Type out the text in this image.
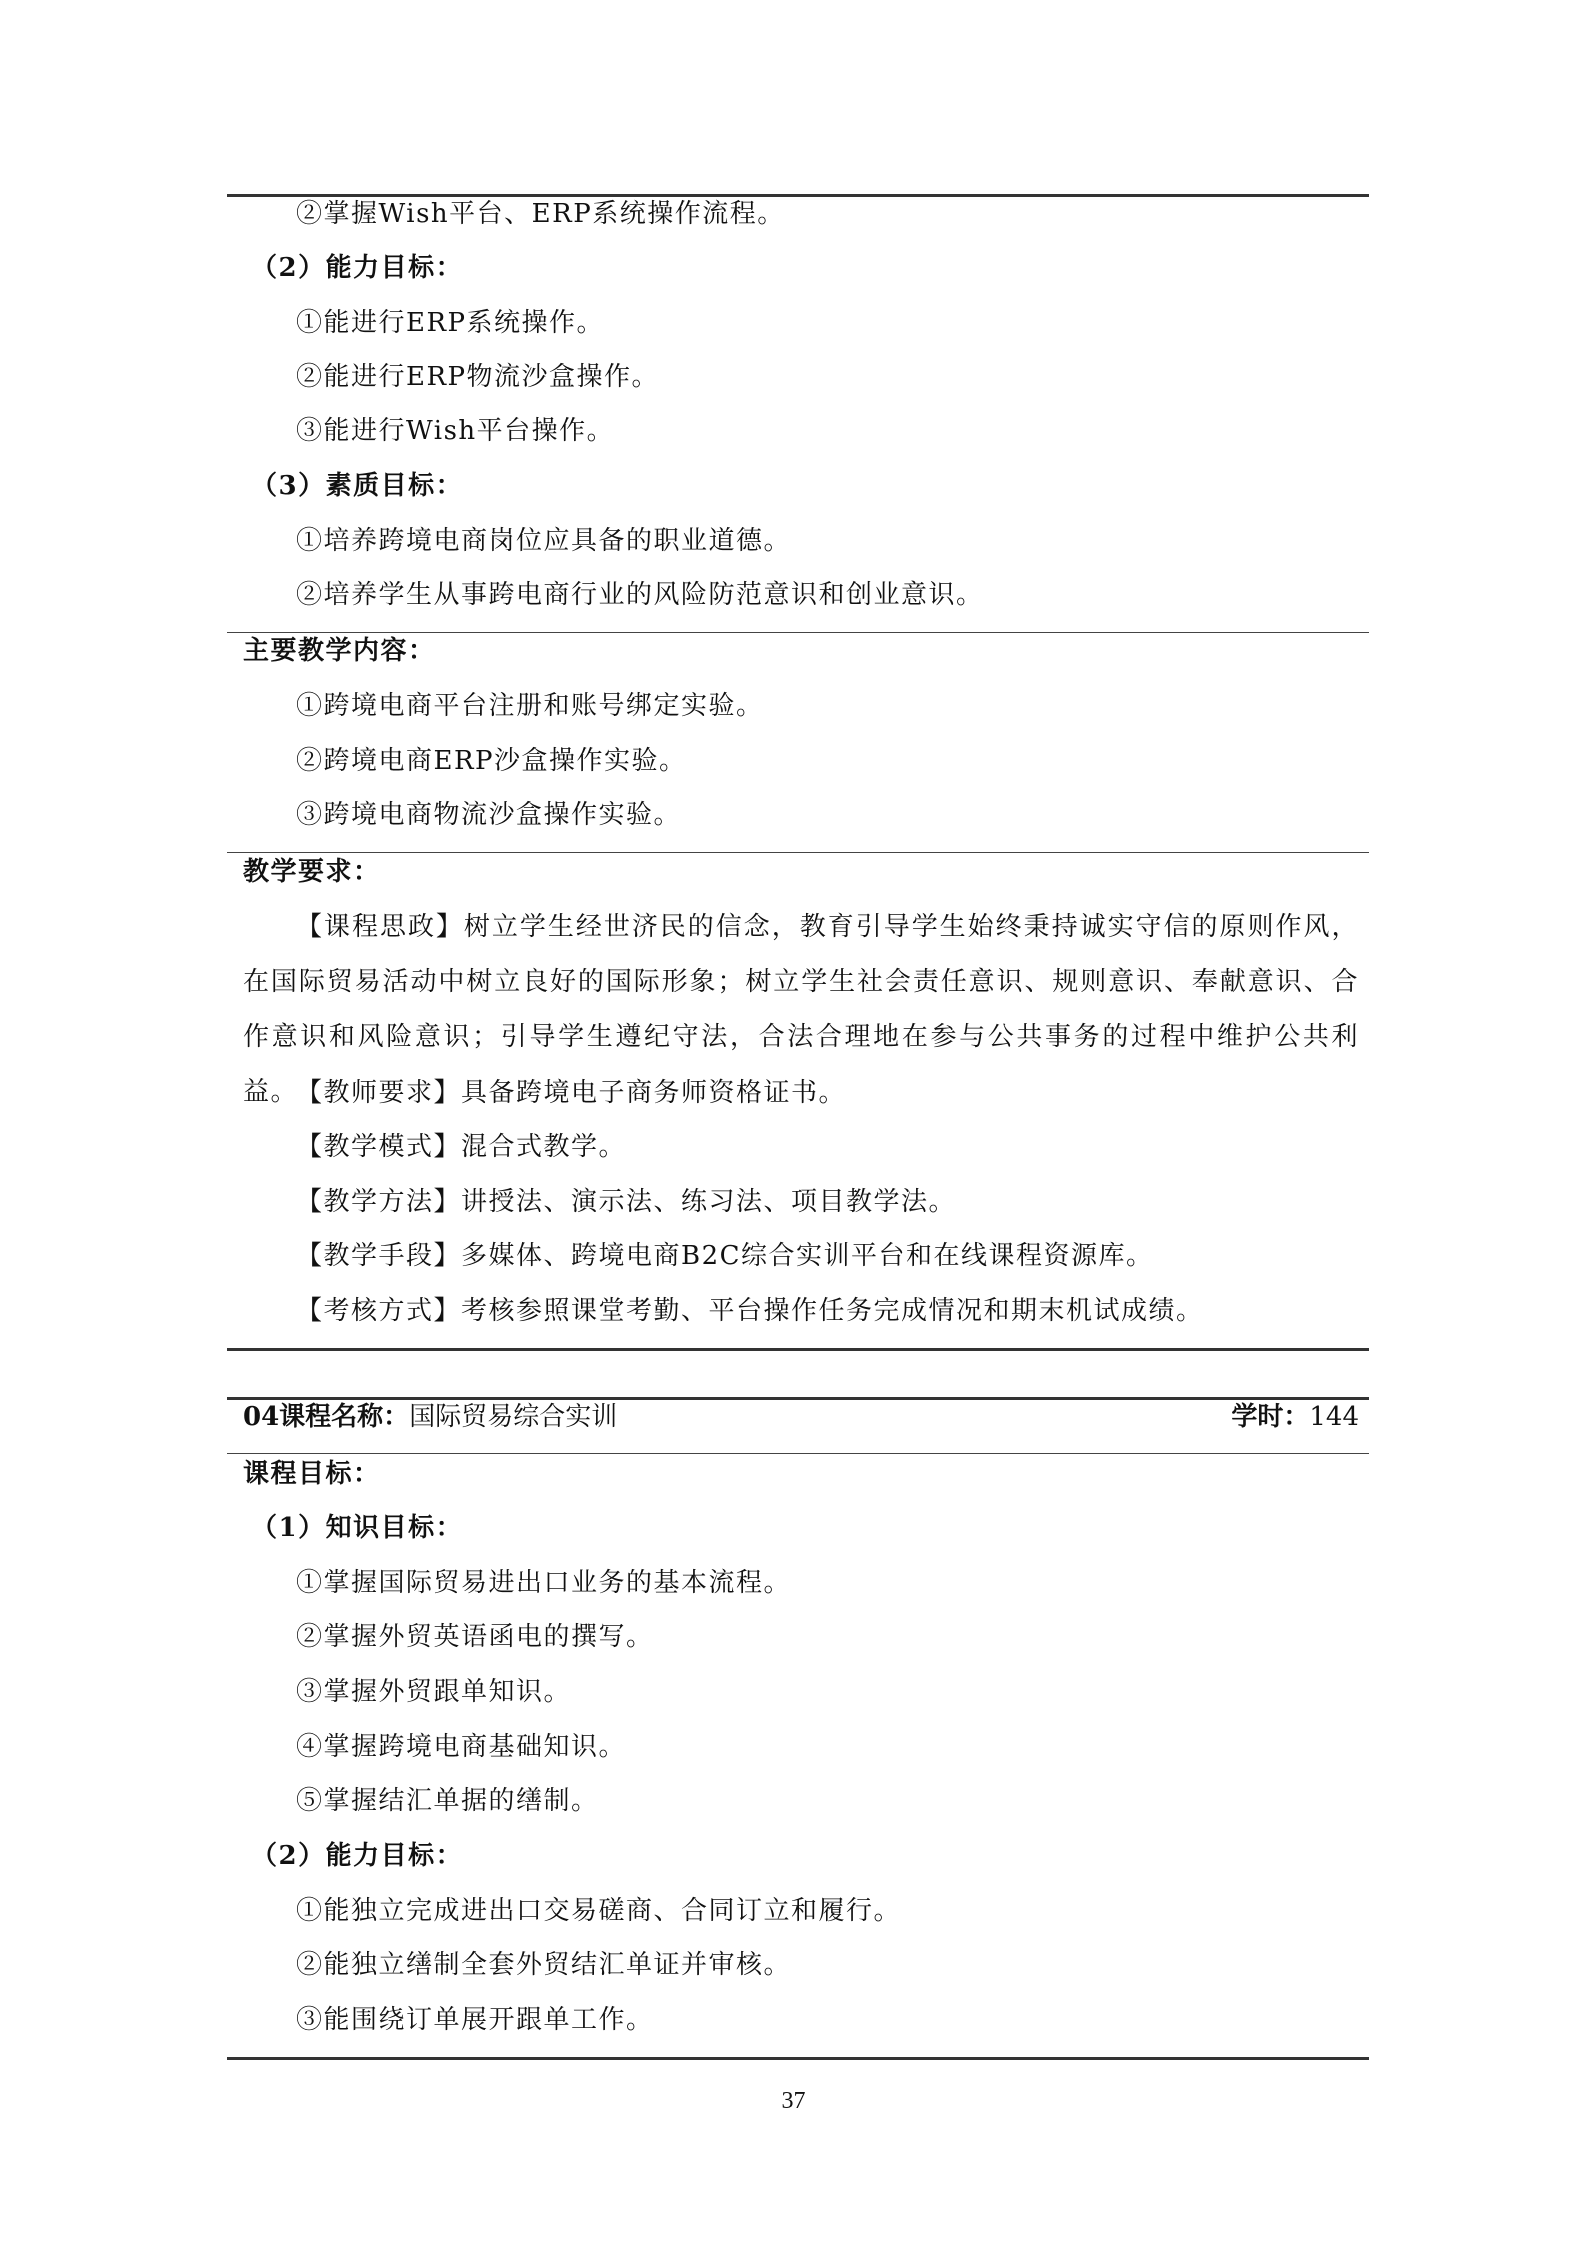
②掌握Wish平台、ERP系统操作流程。
（2）能力目标：
①能进行ERP系统操作。
②能进行ERP物流沙盒操作。
③能进行Wish平台操作。
（3）素质目标：
①培养跨境电商岗位应具备的职业道德。
②培养学生从事跨电商行业的风险防范意识和创业意识。
主要教学内容：
①跨境电商平台注册和账号绑定实验。
②跨境电商ERP沙盒操作实验。
③跨境电商物流沙盒操作实验。
教学要求：

【课程思政】树立学生经世济民的信念，教育引导学生始终秉持诚实守信的原则作风，在国际贸易活动中树立良好的国际形象；树立学生社会责任意识、规则意识、奉献意识、合作意识和风险意识；引导学生遵纪守法，合法合理地在参与公共事务的过程中维护公共利益。

【教师要求】具备跨境电子商务师资格证书。
【教学模式】混合式教学。
【教学方法】讲授法、演示法、练习法、项目教学法。
【教学手段】多媒体、跨境电商B2C综合实训平台和在线课程资源库。
【考核方式】考核参照课堂考勤、平台操作任务完成情况和期末机试成绩。
04课程名称：国际贸易综合实训	学时：144
课程目标：
（1）知识目标：
①掌握国际贸易进出口业务的基本流程。
②掌握外贸英语函电的撰写。
③掌握外贸跟单知识。
④掌握跨境电商基础知识。
⑤掌握结汇单据的缮制。
（2）能力目标：
①能独立完成进出口交易磋商、合同订立和履行。
②能独立缮制全套外贸结汇单证并审核。
③能围绕订单展开跟单工作。
37
